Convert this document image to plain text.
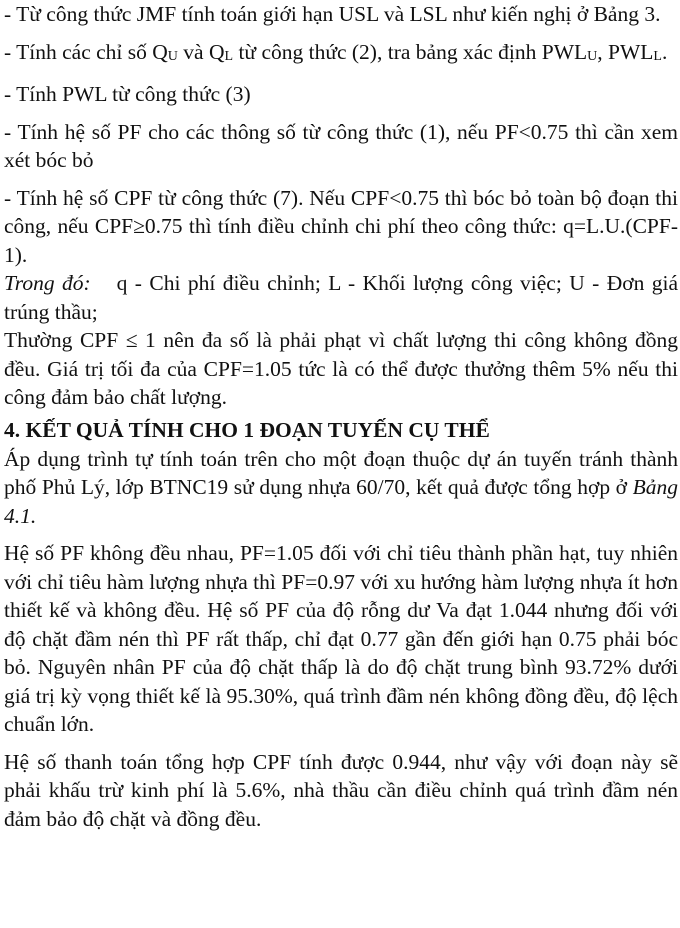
- Từ công thức JMF tính toán giới hạn USL và LSL như kiến nghị ở Bảng 3.

- Tính các chỉ số QU và QL từ công thức (2), tra bảng xác định PWLU, PWLL.

- Tính PWL từ công thức (3)

- Tính hệ số PF cho các thông số từ công thức (1), nếu PF<0.75 thì cần xem xét bóc bỏ

- Tính hệ số CPF từ công thức (7). Nếu CPF<0.75 thì bóc bỏ toàn bộ đoạn thi công, nếu CPF≥0.75 thì tính điều chỉnh chi phí theo công thức: q=L.U.(CPF-1).

Trong đó: q - Chi phí điều chỉnh; L - Khối lượng công việc; U - Đơn giá trúng thầu;

Thường CPF ≤ 1 nên đa số là phải phạt vì chất lượng thi công không đồng đều. Giá trị tối đa của CPF=1.05 tức là có thể được thưởng thêm 5% nếu thi công đảm bảo chất lượng.

4. KẾT QUẢ TÍNH CHO 1 ĐOẠN TUYẾN CỤ THỂ

Áp dụng trình tự tính toán trên cho một đoạn thuộc dự án tuyến tránh thành phố Phủ Lý, lớp BTNC19 sử dụng nhựa 60/70, kết quả được tổng hợp ở Bảng 4.1.

Hệ số PF không đều nhau, PF=1.05 đối với chỉ tiêu thành phần hạt, tuy nhiên với chỉ tiêu hàm lượng nhựa thì PF=0.97 với xu hướng hàm lượng nhựa ít hơn thiết kế và không đều. Hệ số PF của độ rỗng dư Va đạt 1.044 nhưng đối với độ chặt đầm nén thì PF rất thấp, chỉ đạt 0.77 gần đến giới hạn 0.75 phải bóc bỏ. Nguyên nhân PF của độ chặt thấp là do độ chặt trung bình 93.72% dưới giá trị kỳ vọng thiết kế là 95.30%, quá trình đầm nén không đồng đều, độ lệch chuẩn lớn.

Hệ số thanh toán tổng hợp CPF tính được 0.944, như vậy với đoạn này sẽ phải khấu trừ kinh phí là 5.6%, nhà thầu cần điều chỉnh quá trình đầm nén đảm bảo độ chặt và đồng đều.
